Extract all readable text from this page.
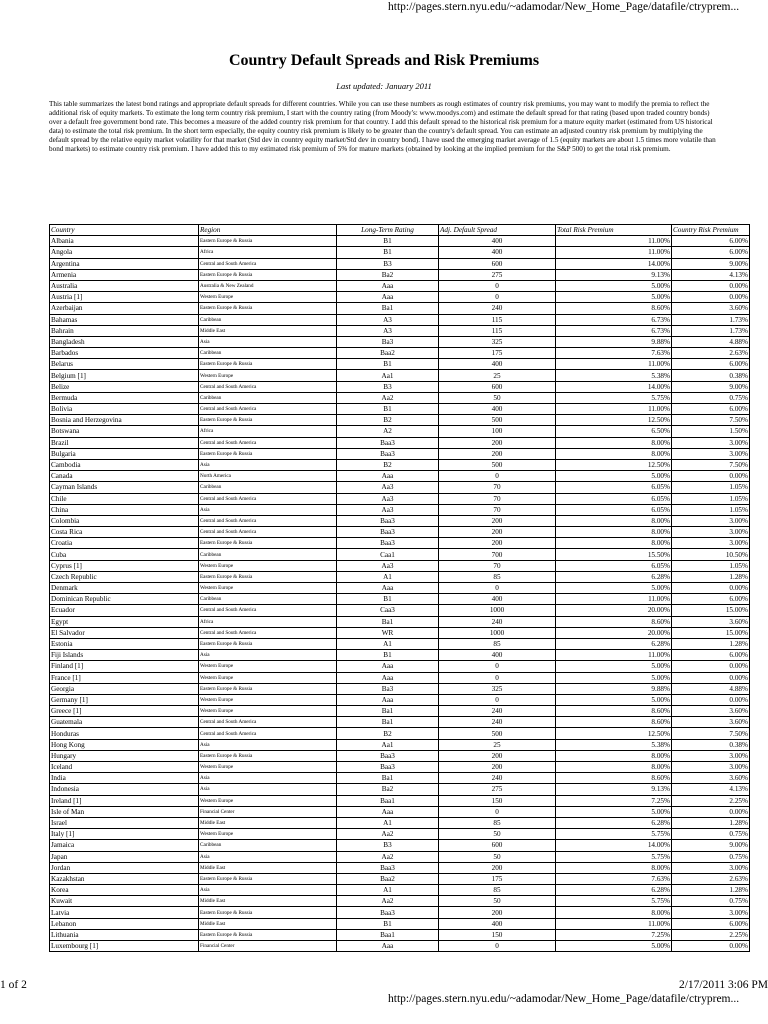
http://pages.stern.nyu.edu/~adamodar/New_Home_Page/datafile/ctryprem...
Country Default Spreads and Risk Premiums
Last updated: January 2011

This table summarizes the latest bond ratings and appropriate default spreads for different countries. While you can use these numbers as rough estimates of country risk premiums, you may want to modify the premia to reflect the additional risk of equity markets. To estimate the long term country risk premium, I start with the country rating (from Moody's: www.moodys.com) and estimate the default spread for that rating (based upon traded country bonds) over a default free government bond rate. This becomes a measure of the added country risk premium for that country. I add this default spread to the historical risk premium for a mature equity market (estimated from US historical data) to estimate the total risk premium. In the short term especially, the equity country risk premium is likely to be greater than the country's default spread. You can estimate an adjusted country risk premium by multiplying the default spread by the relative equity market volatility for that market (Std dev in country equity market/Std dev in country bond). I have used the emerging market average of 1.5 (equity markets are about 1.5 times more volatile than bond markets) to estimate country risk premium. I have added this to my estimated risk premium of 5% for mature markets (obtained by looking at the implied premium for the S&P 500) to get the total risk premium.

Country	Region	Long-Term Rating	Adj. Default Spread	Total Risk Premium	Country Risk Premium
Albania	Eastern Europe & Russia	B1	400	11.00%	6.00%
Angola	Africa	B1	400	11.00%	6.00%
Argentina	Central and South America	B3	600	14.00%	9.00%
Armenia	Eastern Europe & Russia	Ba2	275	9.13%	4.13%
Australia	Australia & New Zealand	Aaa	0	5.00%	0.00%
Austria [1]	Western Europe	Aaa	0	5.00%	0.00%
Azerbaijan	Eastern Europe & Russia	Ba1	240	8.60%	3.60%
Bahamas	Caribbean	A3	115	6.73%	1.73%
Bahrain	Middle East	A3	115	6.73%	1.73%
Bangladesh	Asia	Ba3	325	9.88%	4.88%
Barbados	Caribbean	Baa2	175	7.63%	2.63%
Belarus	Eastern Europe & Russia	B1	400	11.00%	6.00%
Belgium [1]	Western Europe	Aa1	25	5.38%	0.38%
Belize	Central and South America	B3	600	14.00%	9.00%
Bermuda	Caribbean	Aa2	50	5.75%	0.75%
Bolivia	Central and South America	B1	400	11.00%	6.00%
Bosnia and Herzegovina	Eastern Europe & Russia	B2	500	12.50%	7.50%
Botswana	Africa	A2	100	6.50%	1.50%
Brazil	Central and South America	Baa3	200	8.00%	3.00%
Bulgaria	Eastern Europe & Russia	Baa3	200	8.00%	3.00%
Cambodia	Asia	B2	500	12.50%	7.50%
Canada	North America	Aaa	0	5.00%	0.00%
Cayman Islands	Caribbean	Aa3	70	6.05%	1.05%
Chile	Central and South America	Aa3	70	6.05%	1.05%
China	Asia	Aa3	70	6.05%	1.05%
Colombia	Central and South America	Baa3	200	8.00%	3.00%
Costa Rica	Central and South America	Baa3	200	8.00%	3.00%
Croatia	Eastern Europe & Russia	Baa3	200	8.00%	3.00%
Cuba	Caribbean	Caa1	700	15.50%	10.50%
Cyprus [1]	Western Europe	Aa3	70	6.05%	1.05%
Czech Republic	Eastern Europe & Russia	A1	85	6.28%	1.28%
Denmark	Western Europe	Aaa	0	5.00%	0.00%
Dominican Republic	Caribbean	B1	400	11.00%	6.00%
Ecuador	Central and South America	Caa3	1000	20.00%	15.00%
Egypt	Africa	Ba1	240	8.60%	3.60%
El Salvador	Central and South America	WR	1000	20.00%	15.00%
Estonia	Eastern Europe & Russia	A1	85	6.28%	1.28%
Fiji Islands	Asia	B1	400	11.00%	6.00%
Finland [1]	Western Europe	Aaa	0	5.00%	0.00%
France [1]	Western Europe	Aaa	0	5.00%	0.00%
Georgia	Eastern Europe & Russia	Ba3	325	9.88%	4.88%
Germany [1]	Western Europe	Aaa	0	5.00%	0.00%
Greece [1]	Western Europe	Ba1	240	8.60%	3.60%
Guatemala	Central and South America	Ba1	240	8.60%	3.60%
Honduras	Central and South America	B2	500	12.50%	7.50%
Hong Kong	Asia	Aa1	25	5.38%	0.38%
Hungary	Eastern Europe & Russia	Baa3	200	8.00%	3.00%
Iceland	Western Europe	Baa3	200	8.00%	3.00%
India	Asia	Ba1	240	8.60%	3.60%
Indonesia	Asia	Ba2	275	9.13%	4.13%
Ireland [1]	Western Europe	Baa1	150	7.25%	2.25%
Isle of Man	Financial Center	Aaa	0	5.00%	0.00%
Israel	Middle East	A1	85	6.28%	1.28%
Italy [1]	Western Europe	Aa2	50	5.75%	0.75%
Jamaica	Caribbean	B3	600	14.00%	9.00%
Japan	Asia	Aa2	50	5.75%	0.75%
Jordan	Middle East	Baa3	200	8.00%	3.00%
Kazakhstan	Eastern Europe & Russia	Baa2	175	7.63%	2.63%
Korea	Asia	A1	85	6.28%	1.28%
Kuwait	Middle East	Aa2	50	5.75%	0.75%
Latvia	Eastern Europe & Russia	Baa3	200	8.00%	3.00%
Lebanon	Middle East	B1	400	11.00%	6.00%
Lithuania	Eastern Europe & Russia	Baa1	150	7.25%	2.25%
Luxembourg [1]	Financial Center	Aaa	0	5.00%	0.00%
1 of 2	2/17/2011 3:06 PM
http://pages.stern.nyu.edu/~adamodar/New_Home_Page/datafile/ctryprem...
